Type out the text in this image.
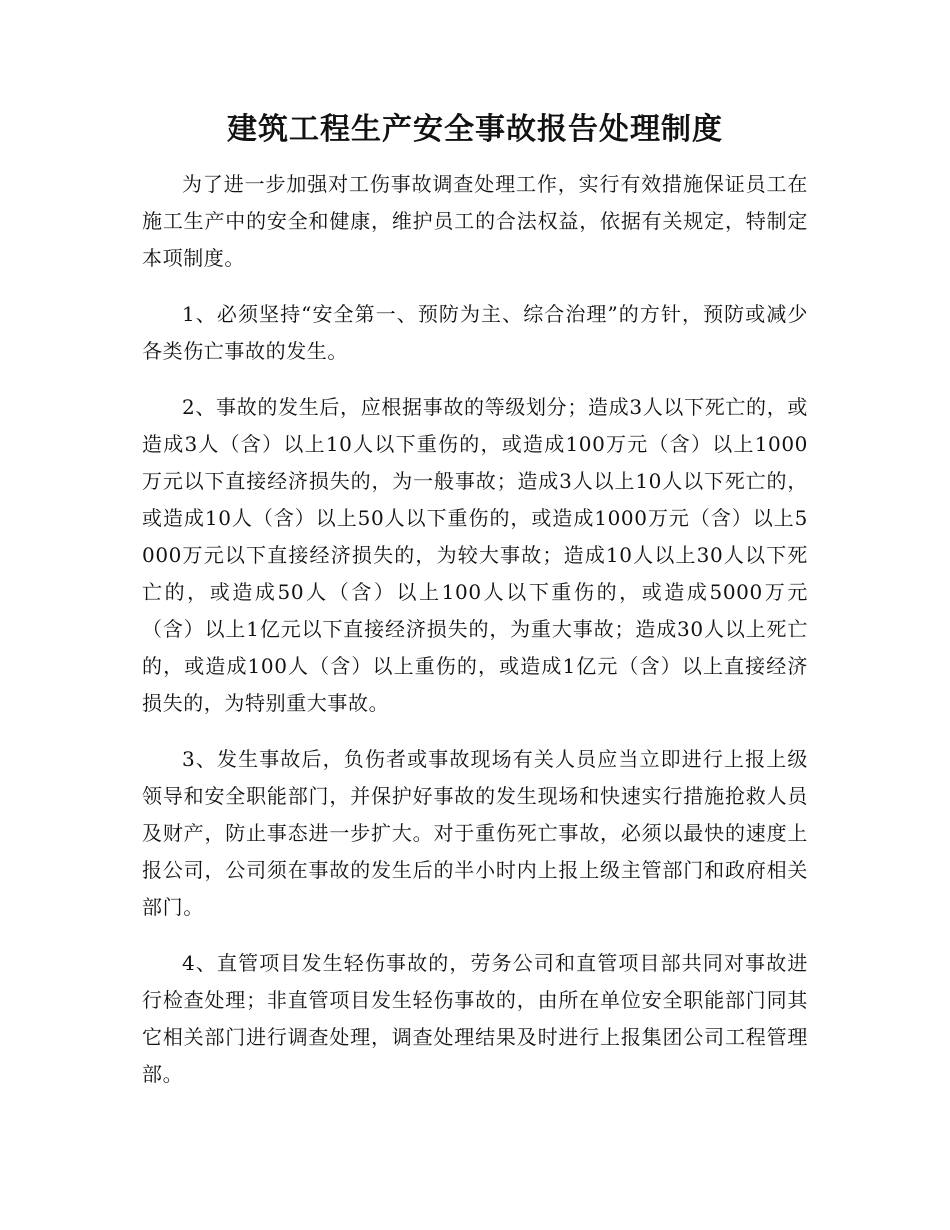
建筑工程生产安全事故报告处理制度

为了进一步加强对工伤事故调查处理工作，实行有效措施保证员工在施工生产中的安全和健康，维护员工的合法权益，依据有关规定，特制定本项制度。

1、必须坚持“安全第一、预防为主、综合治理”的方针，预防或减少各类伤亡事故的发生。

2、事故的发生后，应根据事故的等级划分；造成3人以下死亡的，或造成3人（含）以上10人以下重伤的，或造成100万元（含）以上1000万元以下直接经济损失的，为一般事故；造成3人以上10人以下死亡的，或造成10人（含）以上50人以下重伤的，或造成1000万元（含）以上5000万元以下直接经济损失的，为较大事故；造成10人以上30人以下死亡的，或造成50人（含）以上100人以下重伤的，或造成5000万元（含）以上1亿元以下直接经济损失的，为重大事故；造成30人以上死亡的，或造成100人（含）以上重伤的，或造成1亿元（含）以上直接经济损失的，为特别重大事故。

3、发生事故后，负伤者或事故现场有关人员应当立即进行上报上级领导和安全职能部门，并保护好事故的发生现场和快速实行措施抢救人员及财产，防止事态进一步扩大。对于重伤死亡事故，必须以最快的速度上报公司，公司须在事故的发生后的半小时内上报上级主管部门和政府相关部门。

4、直管项目发生轻伤事故的，劳务公司和直管项目部共同对事故进行检查处理；非直管项目发生轻伤事故的，由所在单位安全职能部门同其它相关部门进行调查处理，调查处理结果及时进行上报集团公司工程管理部。
